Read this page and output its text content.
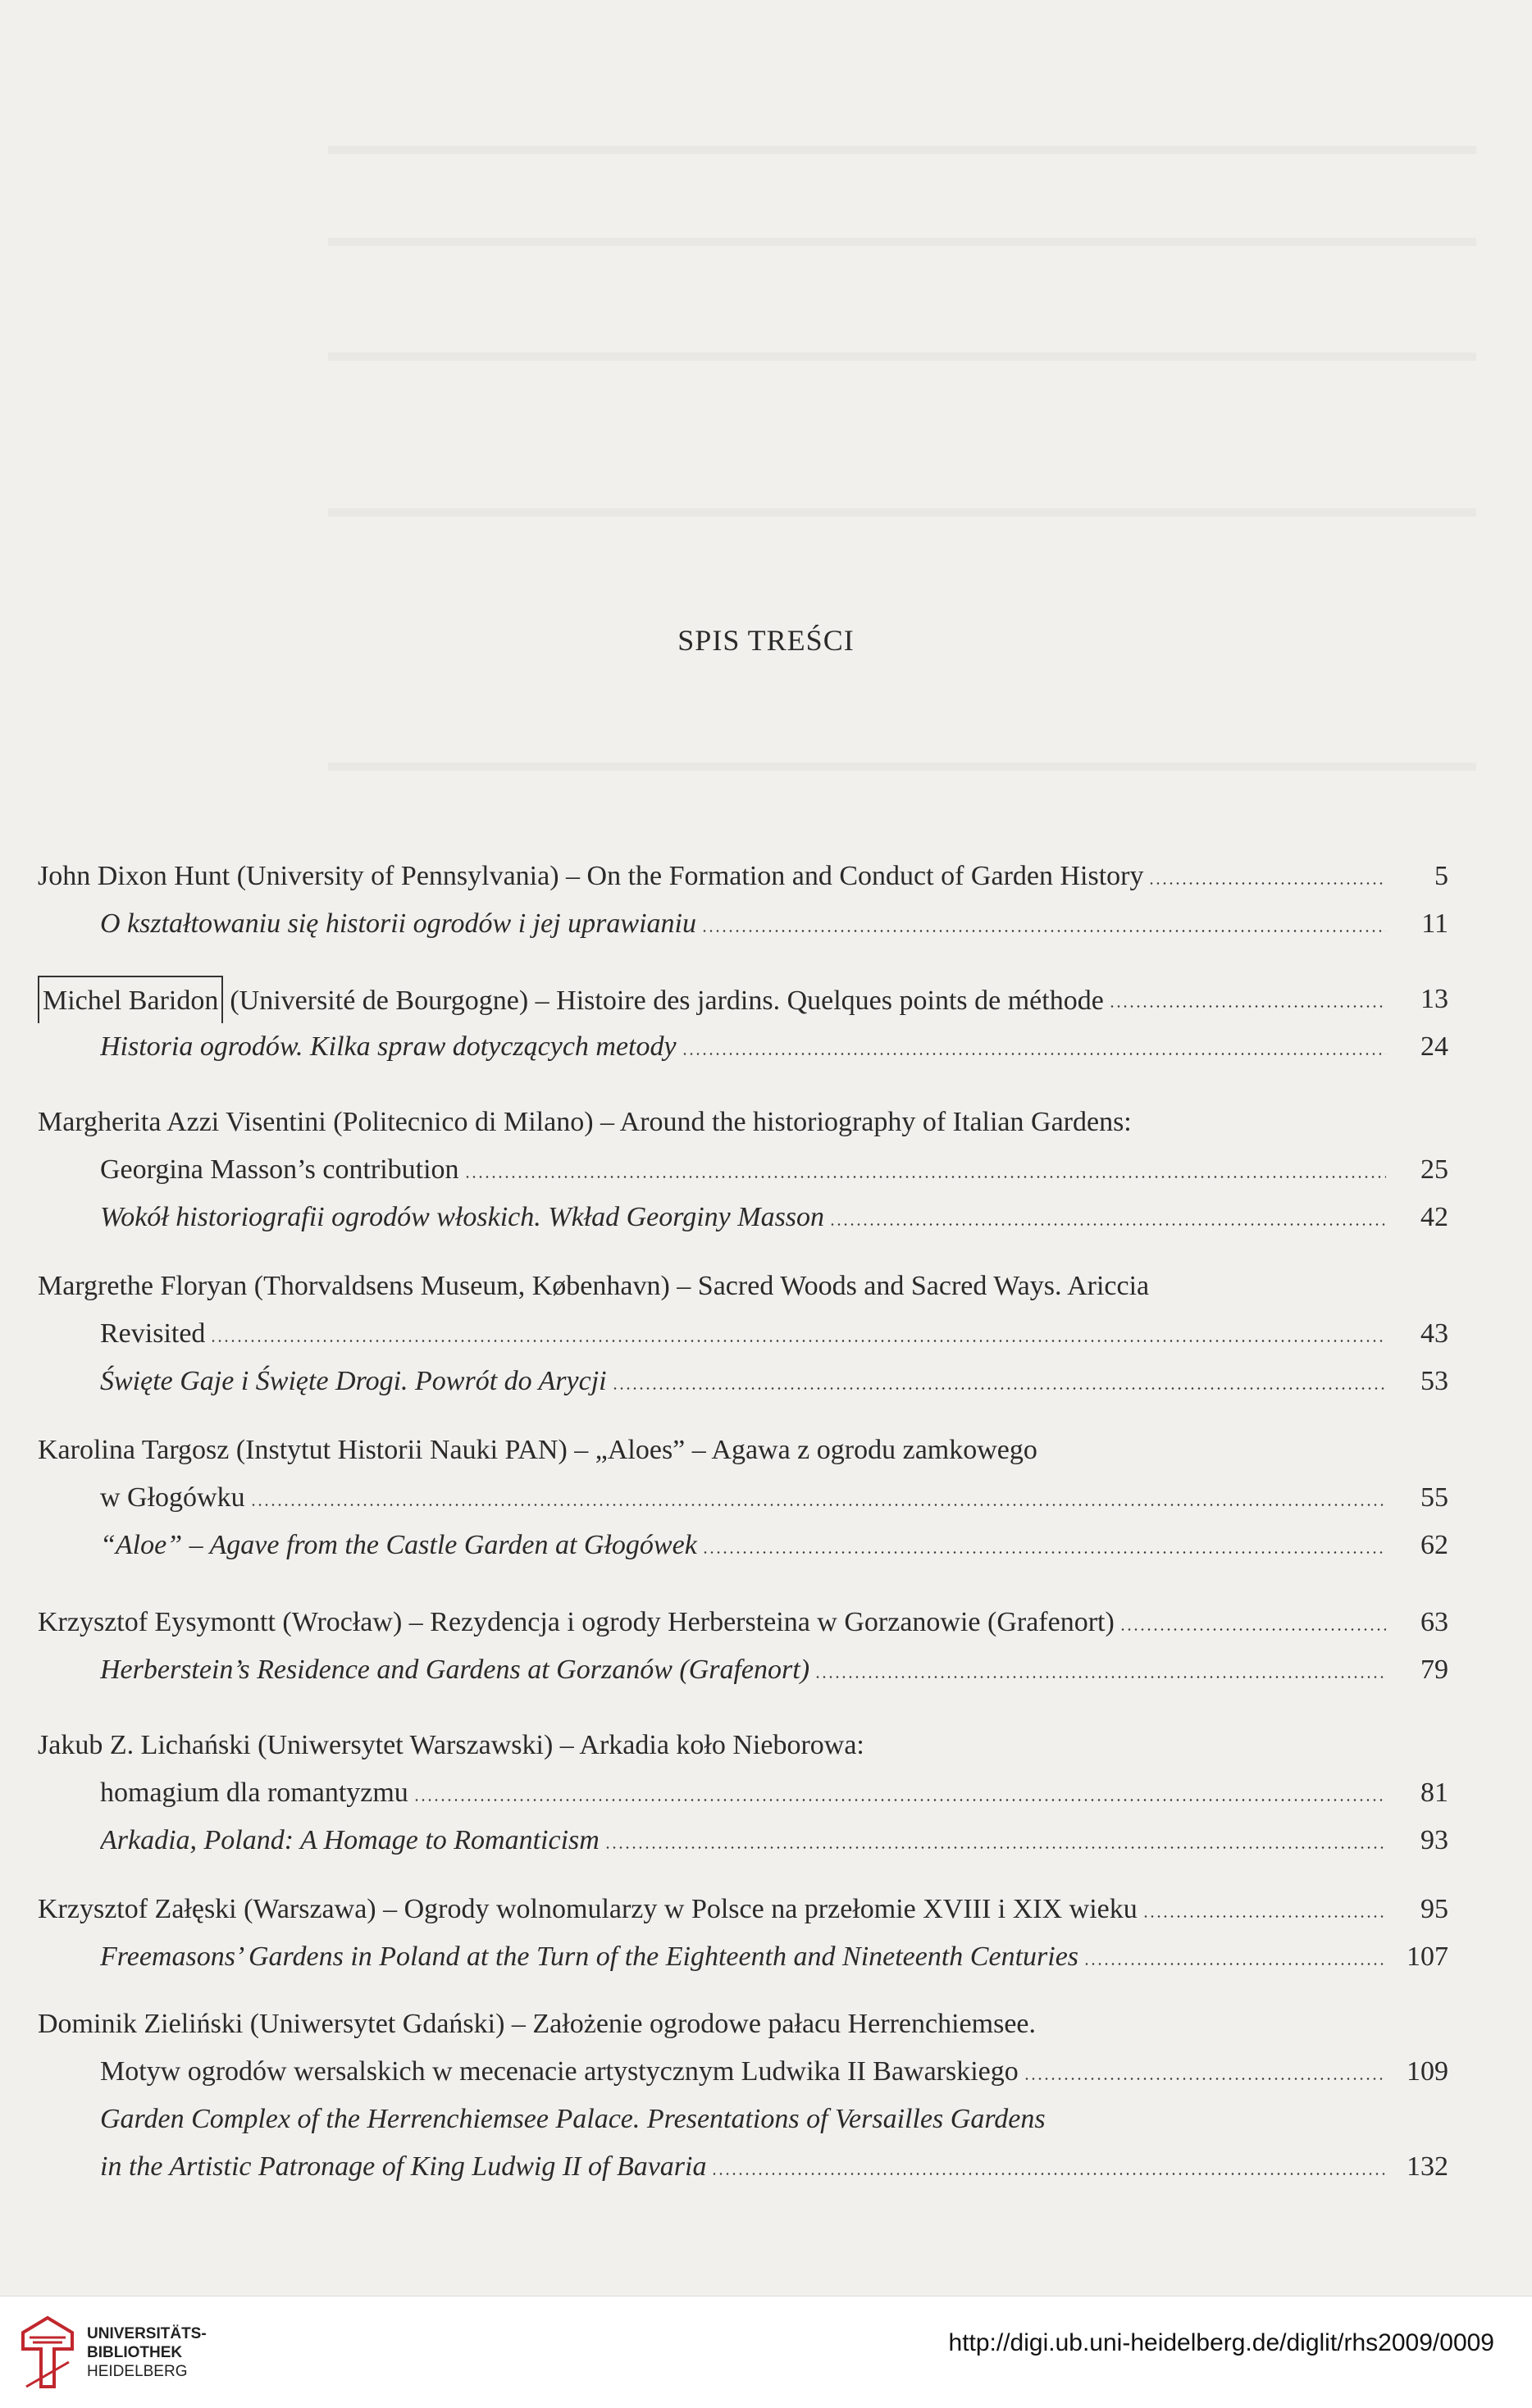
SPIS TREŚCI
John Dixon Hunt (University of Pennsylvania) – On the Formation and Conduct of Garden History	5
O kształtowaniu się historii ogrodów i jej uprawianiu	11
Michel Baridon (Université de Bourgogne) – Histoire des jardins. Quelques points de méthode	13
Historia ogrodów. Kilka spraw dotyczących metody	24
Margherita Azzi Visentini (Politecnico di Milano) – Around the historiography of Italian Gardens:
Georgina Masson’s contribution	25
Wokół historiografii ogrodów włoskich. Wkład Georginy Masson	42
Margrethe Floryan (Thorvaldsens Museum, København) – Sacred Woods and Sacred Ways. Ariccia
Revisited	43
Święte Gaje i Święte Drogi. Powrót do Arycji	53
Karolina Targosz (Instytut Historii Nauki PAN) – „Aloes” – Agawa z ogrodu zamkowego
w Głogówku	55
“Aloe” – Agave from the Castle Garden at Głogówek	62
Krzysztof Eysymontt (Wrocław) – Rezydencja i ogrody Herbersteina w Gorzanowie (Grafenort)	63
Herberstein’s Residence and Gardens at Gorzanów (Grafenort)	79
Jakub Z. Lichański (Uniwersytet Warszawski) – Arkadia koło Nieborowa:
homagium dla romantyzmu	81
Arkadia, Poland: A Homage to Romanticism	93
Krzysztof Załęski (Warszawa) – Ogrody wolnomularzy w Polsce na przełomie XVIII i XIX wieku	95
Freemasons’ Gardens in Poland at the Turn of the Eighteenth and Nineteenth Centuries	107
Dominik Zieliński (Uniwersytet Gdański) – Założenie ogrodowe pałacu Herrenchiemsee.
Motyw ogrodów wersalskich w mecenacie artystycznym Ludwika II Bawarskiego	109
Garden Complex of the Herrenchiemsee Palace. Presentations of Versailles Gardens
in the Artistic Patronage of King Ludwig II of Bavaria	132
UNIVERSITÄTS-
BIBLIOTHEK
HEIDELBERG
http://digi.ub.uni-heidelberg.de/diglit/rhs2009/0009
